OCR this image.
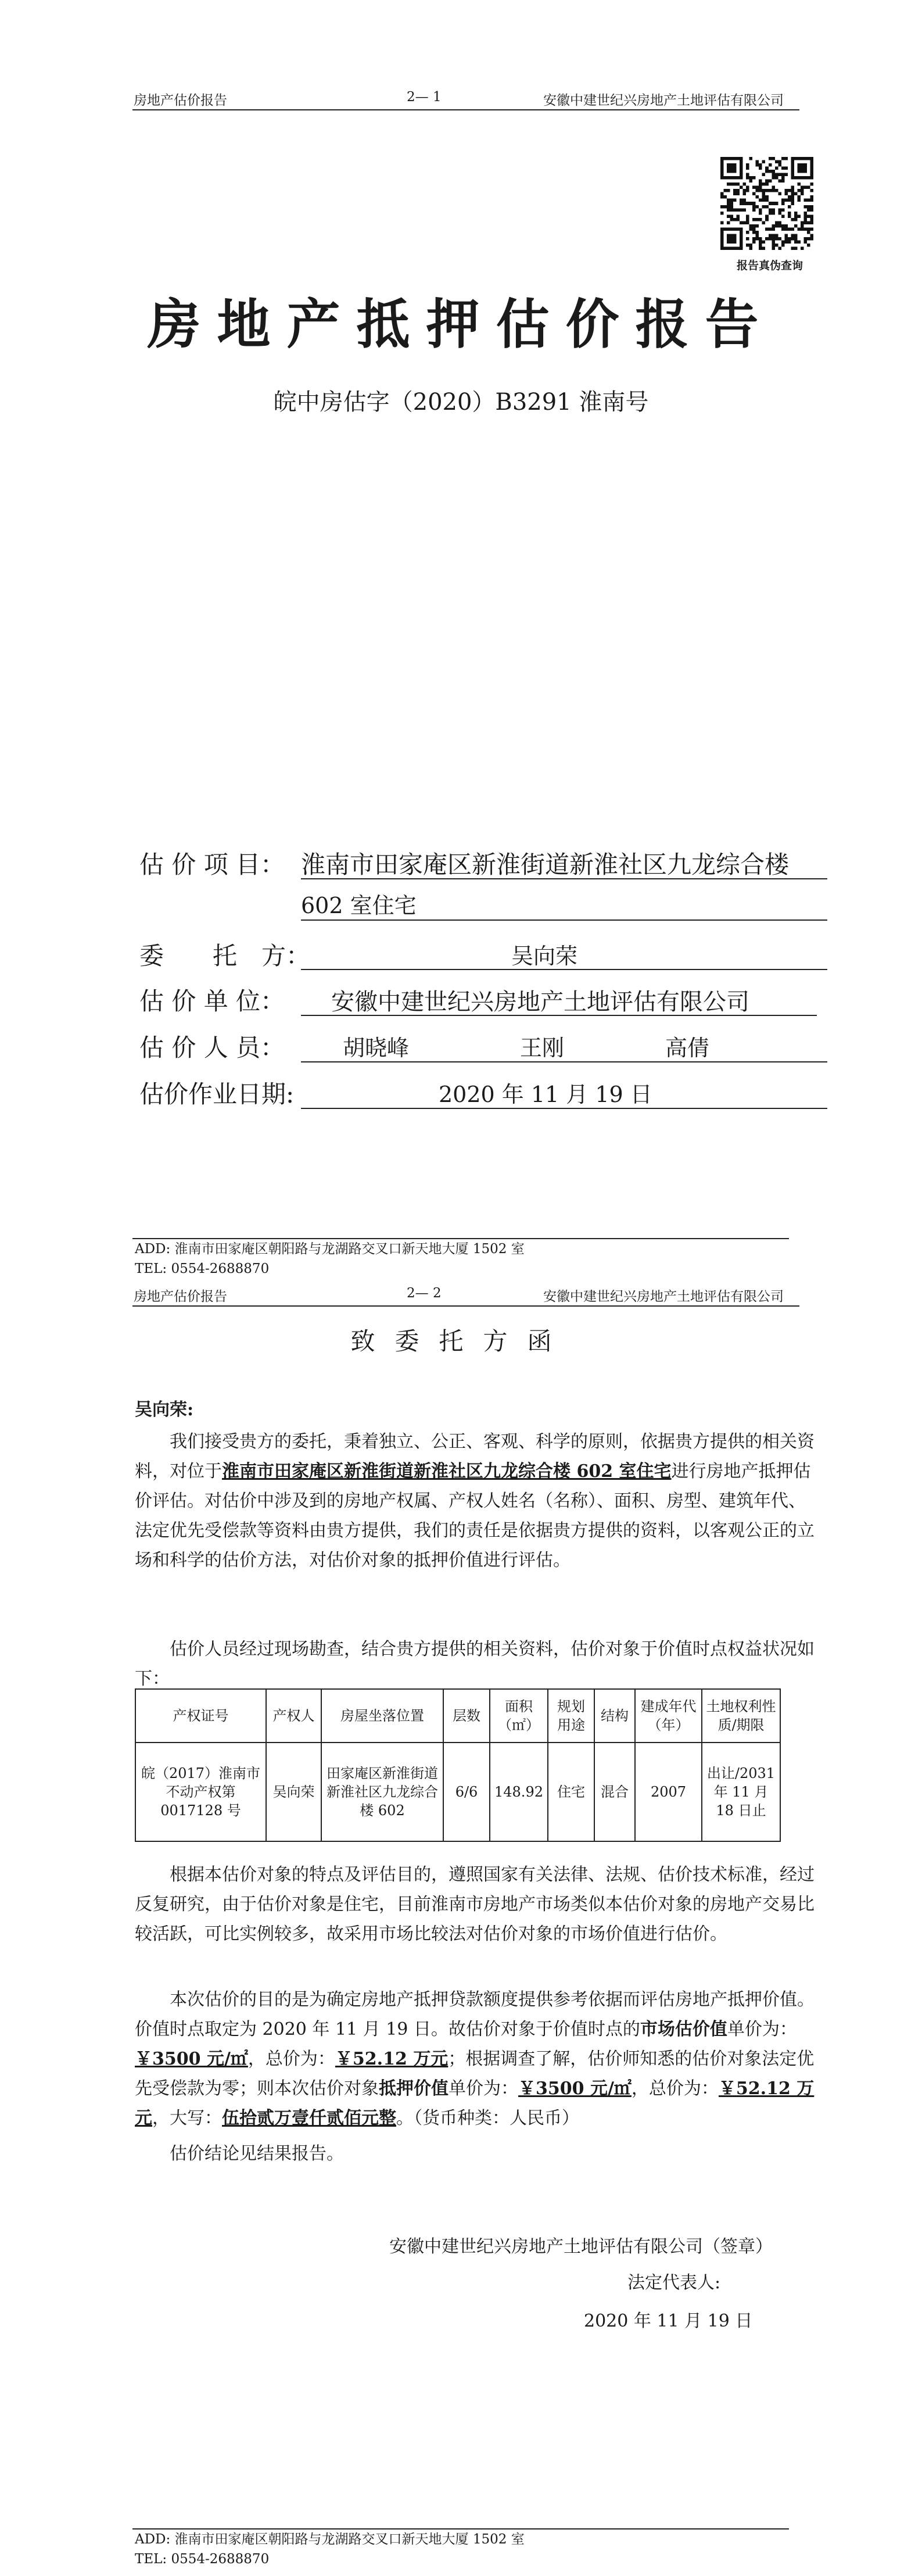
房地产估价报告	2— 1	安徽中建世纪兴房地产土地评估有限公司
报告真伪查询
房地产抵押估价报告
皖中房估字（2020）B3291 淮南号
估 价 项 目： 淮南市田家庵区新淮街道新淮社区九龙综合楼
602 室住宅
委　　托　方：	吴向荣
估 价 单 位： 安徽中建世纪兴房地产土地评估有限公司
估 价 人 员：	胡晓峰	王刚	高倩
估价作业日期:	2020 年 11 月 19 日
ADD: 淮南市田家庵区朝阳路与龙湖路交叉口新天地大厦 1502 室
TEL: 0554-2688870
房地产估价报告	2— 2	安徽中建世纪兴房地产土地评估有限公司
致委托方函
吴向荣:
我们接受贵方的委托，秉着独立、公正、客观、科学的原则，依据贵方提供的相关资料，对位于淮南市田家庵区新淮街道新淮社区九龙综合楼 602 室住宅进行房地产抵押估价评估。对估价中涉及到的房地产权属、产权人姓名（名称）、面积、房型、建筑年代、法定优先受偿款等资料由贵方提供，我们的责任是依据贵方提供的资料，以客观公正的立场和科学的估价方法，对估价对象的抵押价值进行评估。
估价人员经过现场勘查，结合贵方提供的相关资料，估价对象于价值时点权益状况如下：
产权证号	产权人	房屋坐落位置	层数	面积（㎡）	规划用途	结构	建成年代（年）	土地权利性质/期限
皖（2017）淮南市不动产权第 0017128 号	吴向荣	田家庵区新淮街道新淮社区九龙综合楼 602	6/6	148.92	住宅	混合	2007	出让/2031 年 11 月 18 日止
根据本估价对象的特点及评估目的，遵照国家有关法律、法规、估价技术标准，经过反复研究，由于估价对象是住宅，目前淮南市房地产市场类似本估价对象的房地产交易比较活跃，可比实例较多，故采用市场比较法对估价对象的市场价值进行估价。
本次估价的目的是为确定房地产抵押贷款额度提供参考依据而评估房地产抵押价值。价值时点取定为 2020 年 11 月 19 日。故估价对象于价值时点的市场估价值单价为：￥3500 元/㎡，总价为：￥52.12 万元；根据调查了解，估价师知悉的估价对象法定优先受偿款为零；则本次估价对象抵押价值单价为：￥3500 元/㎡，总价为：￥52.12 万元，大写：伍拾贰万壹仟贰佰元整。（货币种类：人民币）
估价结论见结果报告。
安徽中建世纪兴房地产土地评估有限公司（签章）
法定代表人:
2020 年 11 月 19 日
ADD: 淮南市田家庵区朝阳路与龙湖路交叉口新天地大厦 1502 室
TEL: 0554-2688870
